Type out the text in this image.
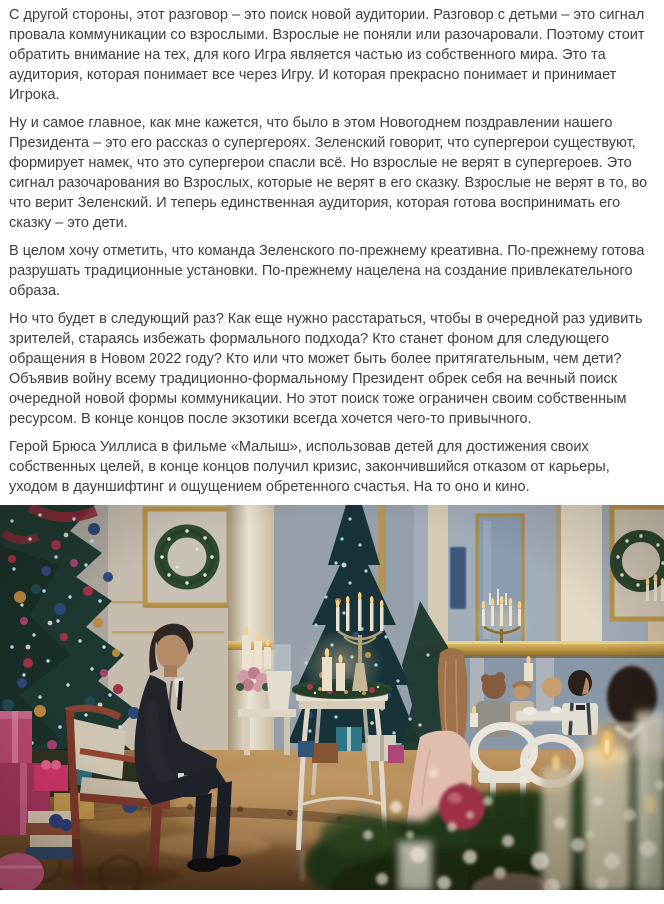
С другой стороны, этот разговор – это поиск новой аудитории. Разговор с детьми – это сигнал провала коммуникации со взрослыми. Взрослые не поняли или разочаровали. Поэтому стоит обратить внимание на тех, для кого Игра является частью из собственного мира. Это та аудитория, которая понимает все через Игру. И которая прекрасно понимает и принимает Игрока.

Ну и самое главное, как мне кажется, что было в этом Новогоднем поздравлении нашего Президента – это его рассказ о супергероях. Зеленский говорит, что супергерои существуют, формирует намек, что это супергерои спасли всё. Но взрослые не верят в супергероев. Это сигнал разочарования во Взрослых, которые не верят в его сказку. Взрослые не верят в то, во что верит Зеленский. И теперь единственная аудитория, которая готова воспринимать его сказку – это дети.

В целом хочу отметить, что команда Зеленского по-прежнему креативна. По-прежнему готова разрушать традиционные установки. По-прежнему нацелена на создание привлекательного образа.

Но что будет в следующий раз? Как еще нужно расстараться, чтобы в очередной раз удивить зрителей, стараясь избежать формального подхода? Кто станет фоном для следующего обращения в Новом 2022 году? Кто или что может быть более притягательным, чем дети? Объявив войну всему традиционно-формальному Президент обрек себя на вечный поиск очередной новой формы коммуникации. Но этот поиск тоже ограничен своим собственным ресурсом. В конце концов после экзотики всегда хочется чего-то привычного.

Герой Брюса Уиллиса в фильме «Малыш», использовав детей для достижения своих собственных целей, в конце концов получил кризис, закончившийся отказом от карьеры, уходом в дауншифтинг и ощущением обретенного счастья. На то оно и кино.
